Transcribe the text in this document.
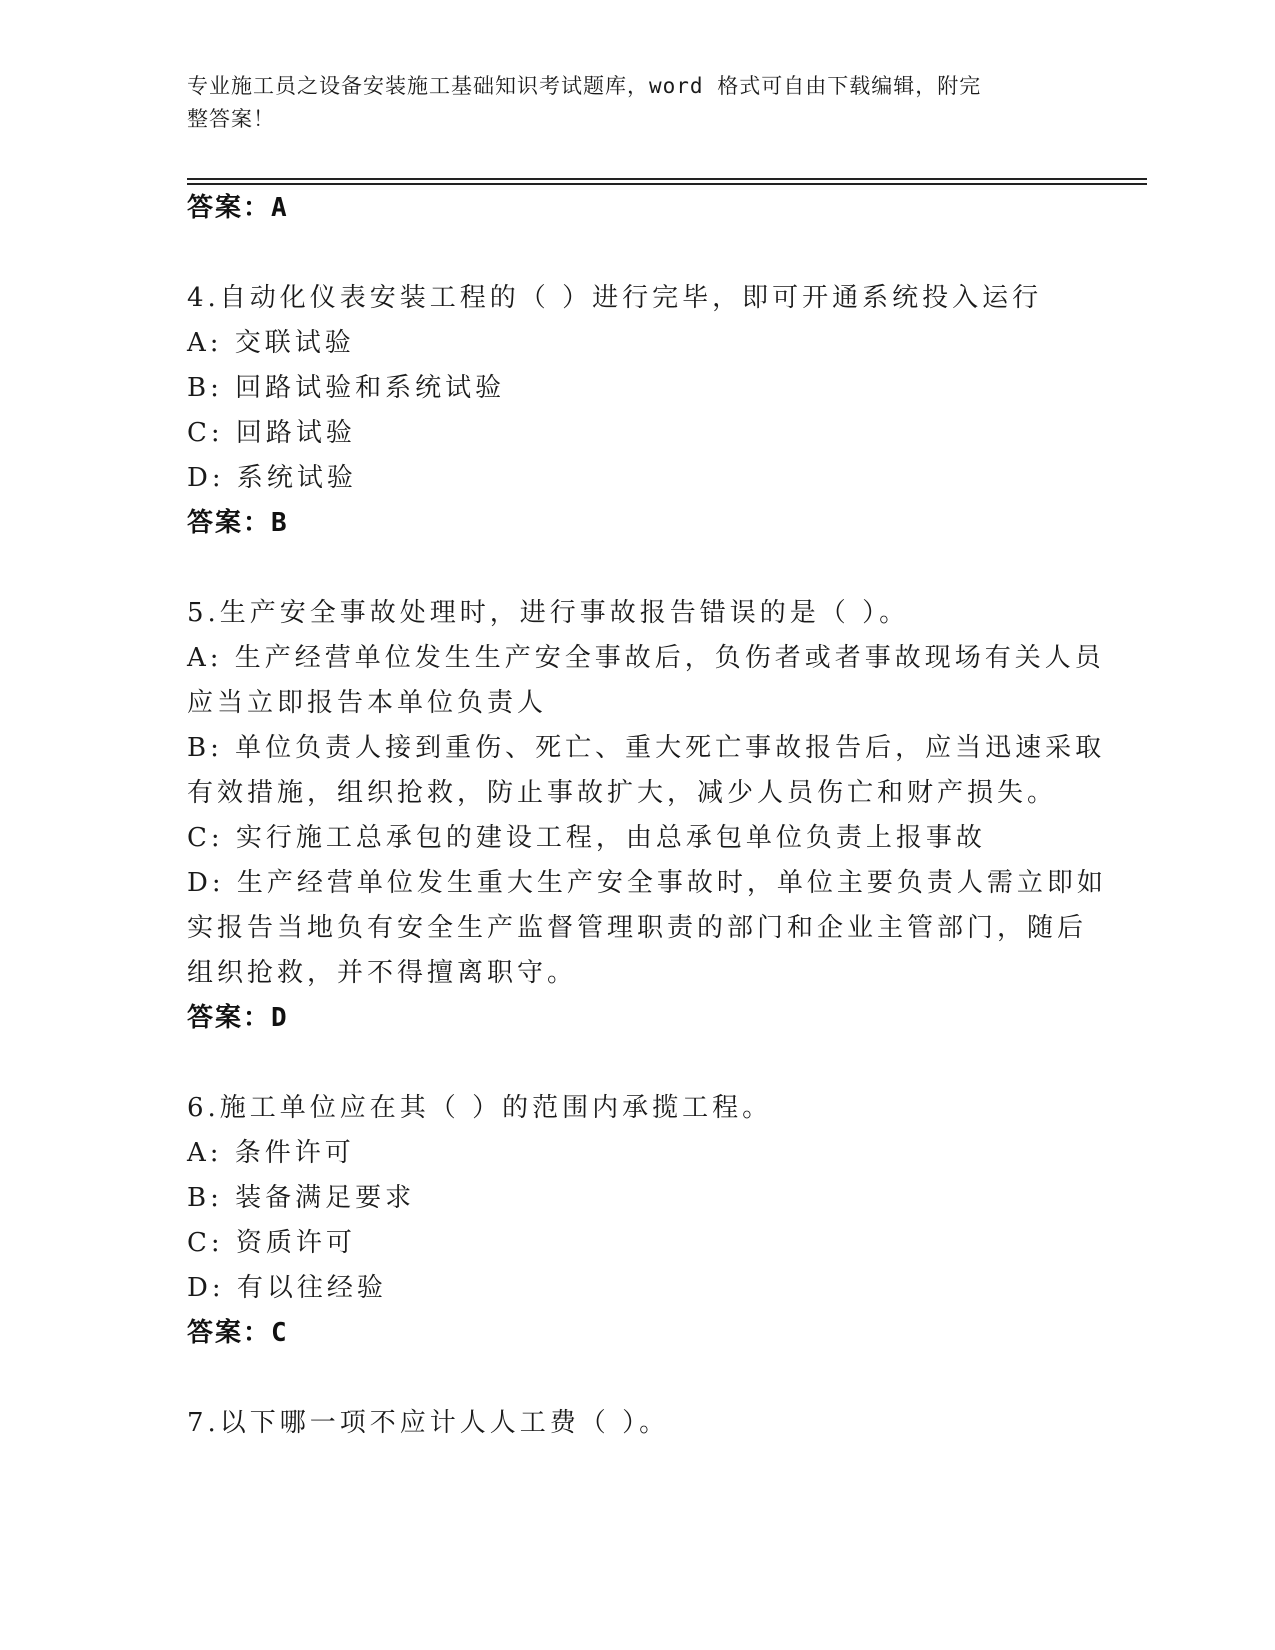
专业施工员之设备安装施工基础知识考试题库，word 格式可自由下载编辑，附完
整答案！
答案：A
4.自动化仪表安装工程的（ ）进行完毕，即可开通系统投入运行
A: 交联试验
B: 回路试验和系统试验
C: 回路试验
D: 系统试验
答案：B
5.生产安全事故处理时，进行事故报告错误的是（ ）。
A: 生产经营单位发生生产安全事故后，负伤者或者事故现场有关人员
应当立即报告本单位负责人
B: 单位负责人接到重伤、死亡、重大死亡事故报告后，应当迅速采取
有效措施，组织抢救，防止事故扩大，减少人员伤亡和财产损失。
C: 实行施工总承包的建设工程，由总承包单位负责上报事故
D: 生产经营单位发生重大生产安全事故时，单位主要负责人需立即如
实报告当地负有安全生产监督管理职责的部门和企业主管部门，随后
组织抢救，并不得擅离职守。
答案：D
6.施工单位应在其（ ）的范围内承揽工程。
A: 条件许可
B: 装备满足要求
C: 资质许可
D: 有以往经验
答案：C
7.以下哪一项不应计人人工费（ ）。
